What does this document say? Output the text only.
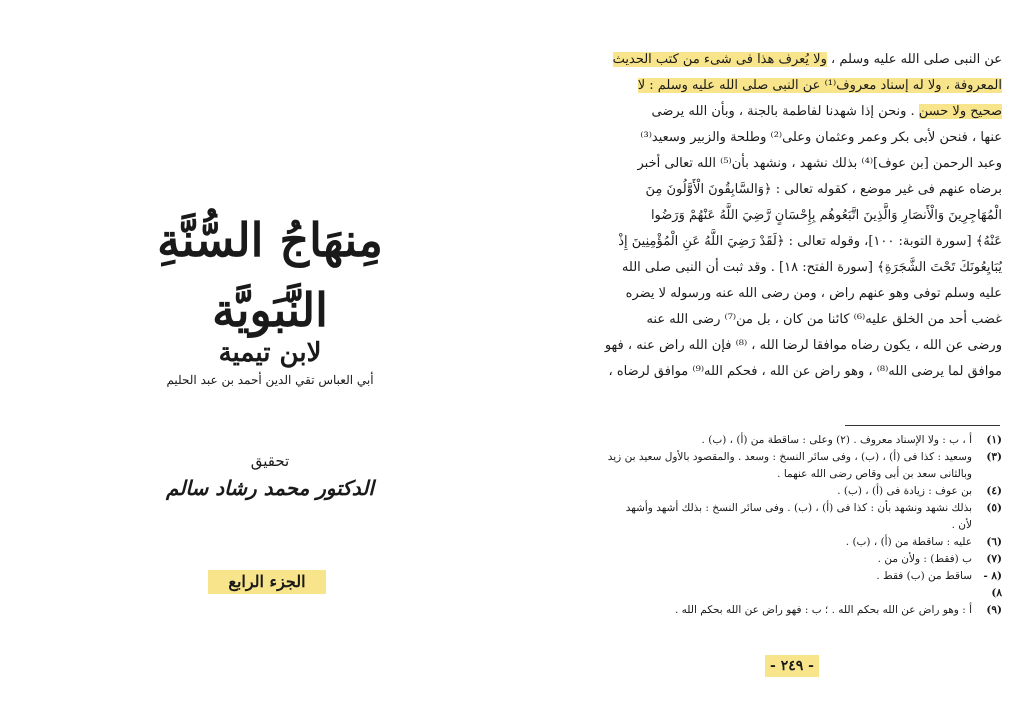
مِنهَاجُ السُّنَّةِ النَّبَويَّة
لابن تيمية
أبي العباس تقي الدين أحمد بن عبد الحليم
تحقيق
الدكتور محمد رشاد سالم
الجزء الرابع
عن النبى صلى الله عليه وسلم ، ولا يُعرف هذا فى شىء من كتب الحديث
المعروفة ، ولا له إسناد معروف⁽¹⁾ عن النبى صلى الله عليه وسلم : لا
صحيح ولا حسن . ونحن إذا شهدنا لفاطمة بالجنة ، وبأن الله يرضى
عنها ، فنحن لأبى بكر وعمر وعثمان وعلى⁽²⁾ وطلحة والزبير وسعيد⁽³⁾
وعبد الرحمن [بن عوف]⁽⁴⁾ بذلك نشهد ، ونشهد بأن⁽⁵⁾ الله تعالى أخبر
برضاه عنهم فى غير موضع ، كقوله تعالى : ﴿وَالسَّابِقُونَ الْأَوَّلُونَ مِنَ
الْمُهَاجِرِينَ وَالْأَنصَارِ وَالَّذِينَ اتَّبَعُوهُم بِإِحْسَانٍ رَّضِيَ اللَّهُ عَنْهُمْ وَرَضُوا
عَنْهُ﴾ [سورة التوبة: ١٠٠]، وقوله تعالى : ﴿لَقَدْ رَضِيَ اللَّهُ عَنِ الْمُؤْمِنِينَ إِذْ
يُبَايِعُونَكَ تَحْتَ الشَّجَرَةِ﴾ [سورة الفتح: ١٨] . وقد ثبت أن النبى صلى الله
عليه وسلم توفى وهو عنهم راض ، ومن رضى الله عنه ورسوله لا يضره
غضب أحد من الخلق عليه⁽⁶⁾ كائنا من كان ، بل من⁽⁷⁾ رضى الله عنه
ورضى عن الله ، يكون رضاه موافقا لرضا الله ، ⁽⁸⁾ فإن الله راض عنه ، فهو
موافق لما يرضى الله⁽⁸⁾ ، وهو راض عن الله ، فحكم الله⁽⁹⁾ موافق لرضاه ،
(١)
أ ، ب : ولا الإسناد معروف . (٢) وعلى : ساقطة من (أ) ، (ب) .
(٣)
وسعيد : كذا فى (أ) ، (ب) ، وفى سائر النسخ : وسعد . والمقصود بالأول سعيد بن زيد
وبالثانى سعد بن أبى وقاص رضى الله عنهما .
(٤)
بن عوف : زيادة فى (أ) ، (ب) .
(٥)
بذلك نشهد ونشهد بأن : كذا فى (أ) ، (ب) . وفى سائر النسخ : بذلك أشهد وأشهد
لأن .
(٦)
عليه : ساقطة من (أ) ، (ب) .
(٧)
ب (فقط) : ولأن من .
(٨ - ٨)
ساقط من (ب) فقط .
(٩)
أ : وهو راض عن الله بحكم الله . ؛ ب : فهو راض عن الله بحكم الله .
- ٢٤٩ -
